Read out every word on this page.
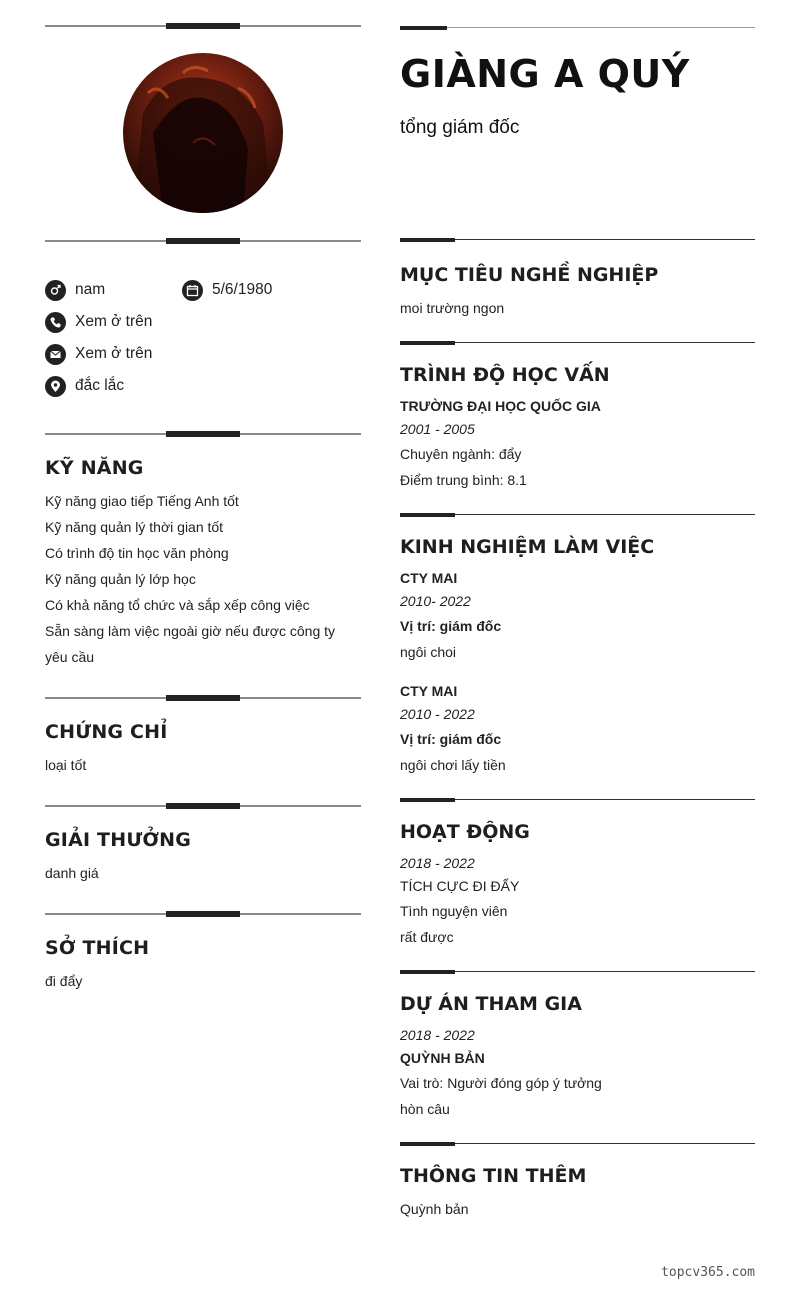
nam	5/6/1980
Xem ở trên
Xem ở trên
đắc lắc
KỸ NĂNG
Kỹ năng giao tiếp Tiếng Anh tốt
Kỹ năng quản lý thời gian tốt
Có trình độ tin học văn phòng
Kỹ năng quản lý lớp học
Có khả năng tổ chức và sắp xếp công việc
Sẵn sàng làm việc ngoài giờ nếu được công ty yêu cầu
CHỨNG CHỈ
loại tốt
GIẢI THƯỞNG
danh giá
SỞ THÍCH
đi đẩy
GIÀNG A QUÝ
tổng giám đốc
MỤC TIÊU NGHỀ NGHIỆP
moi trường ngon
TRÌNH ĐỘ HỌC VẤN
TRƯỜNG ĐẠI HỌC QUỐC GIA
2001 - 2005
Chuyên ngành: đẩy
Điểm trung bình: 8.1
KINH NGHIỆM LÀM VIỆC
CTY MAI
2010- 2022
Vị trí: giám đốc
ngôi choi
CTY MAI
2010 - 2022
Vị trí: giám đốc
ngôi chơi lấy tiền
HOẠT ĐỘNG
2018 - 2022
TÍCH CỰC ĐI ĐẨY
Tình nguyện viên
rất được
DỰ ÁN THAM GIA
2018 - 2022
QUỲNH BẢN
Vai trò: Người đóng góp ý tưởng
hòn câu
THÔNG TIN THÊM
Quỳnh bản
topcv365.com
